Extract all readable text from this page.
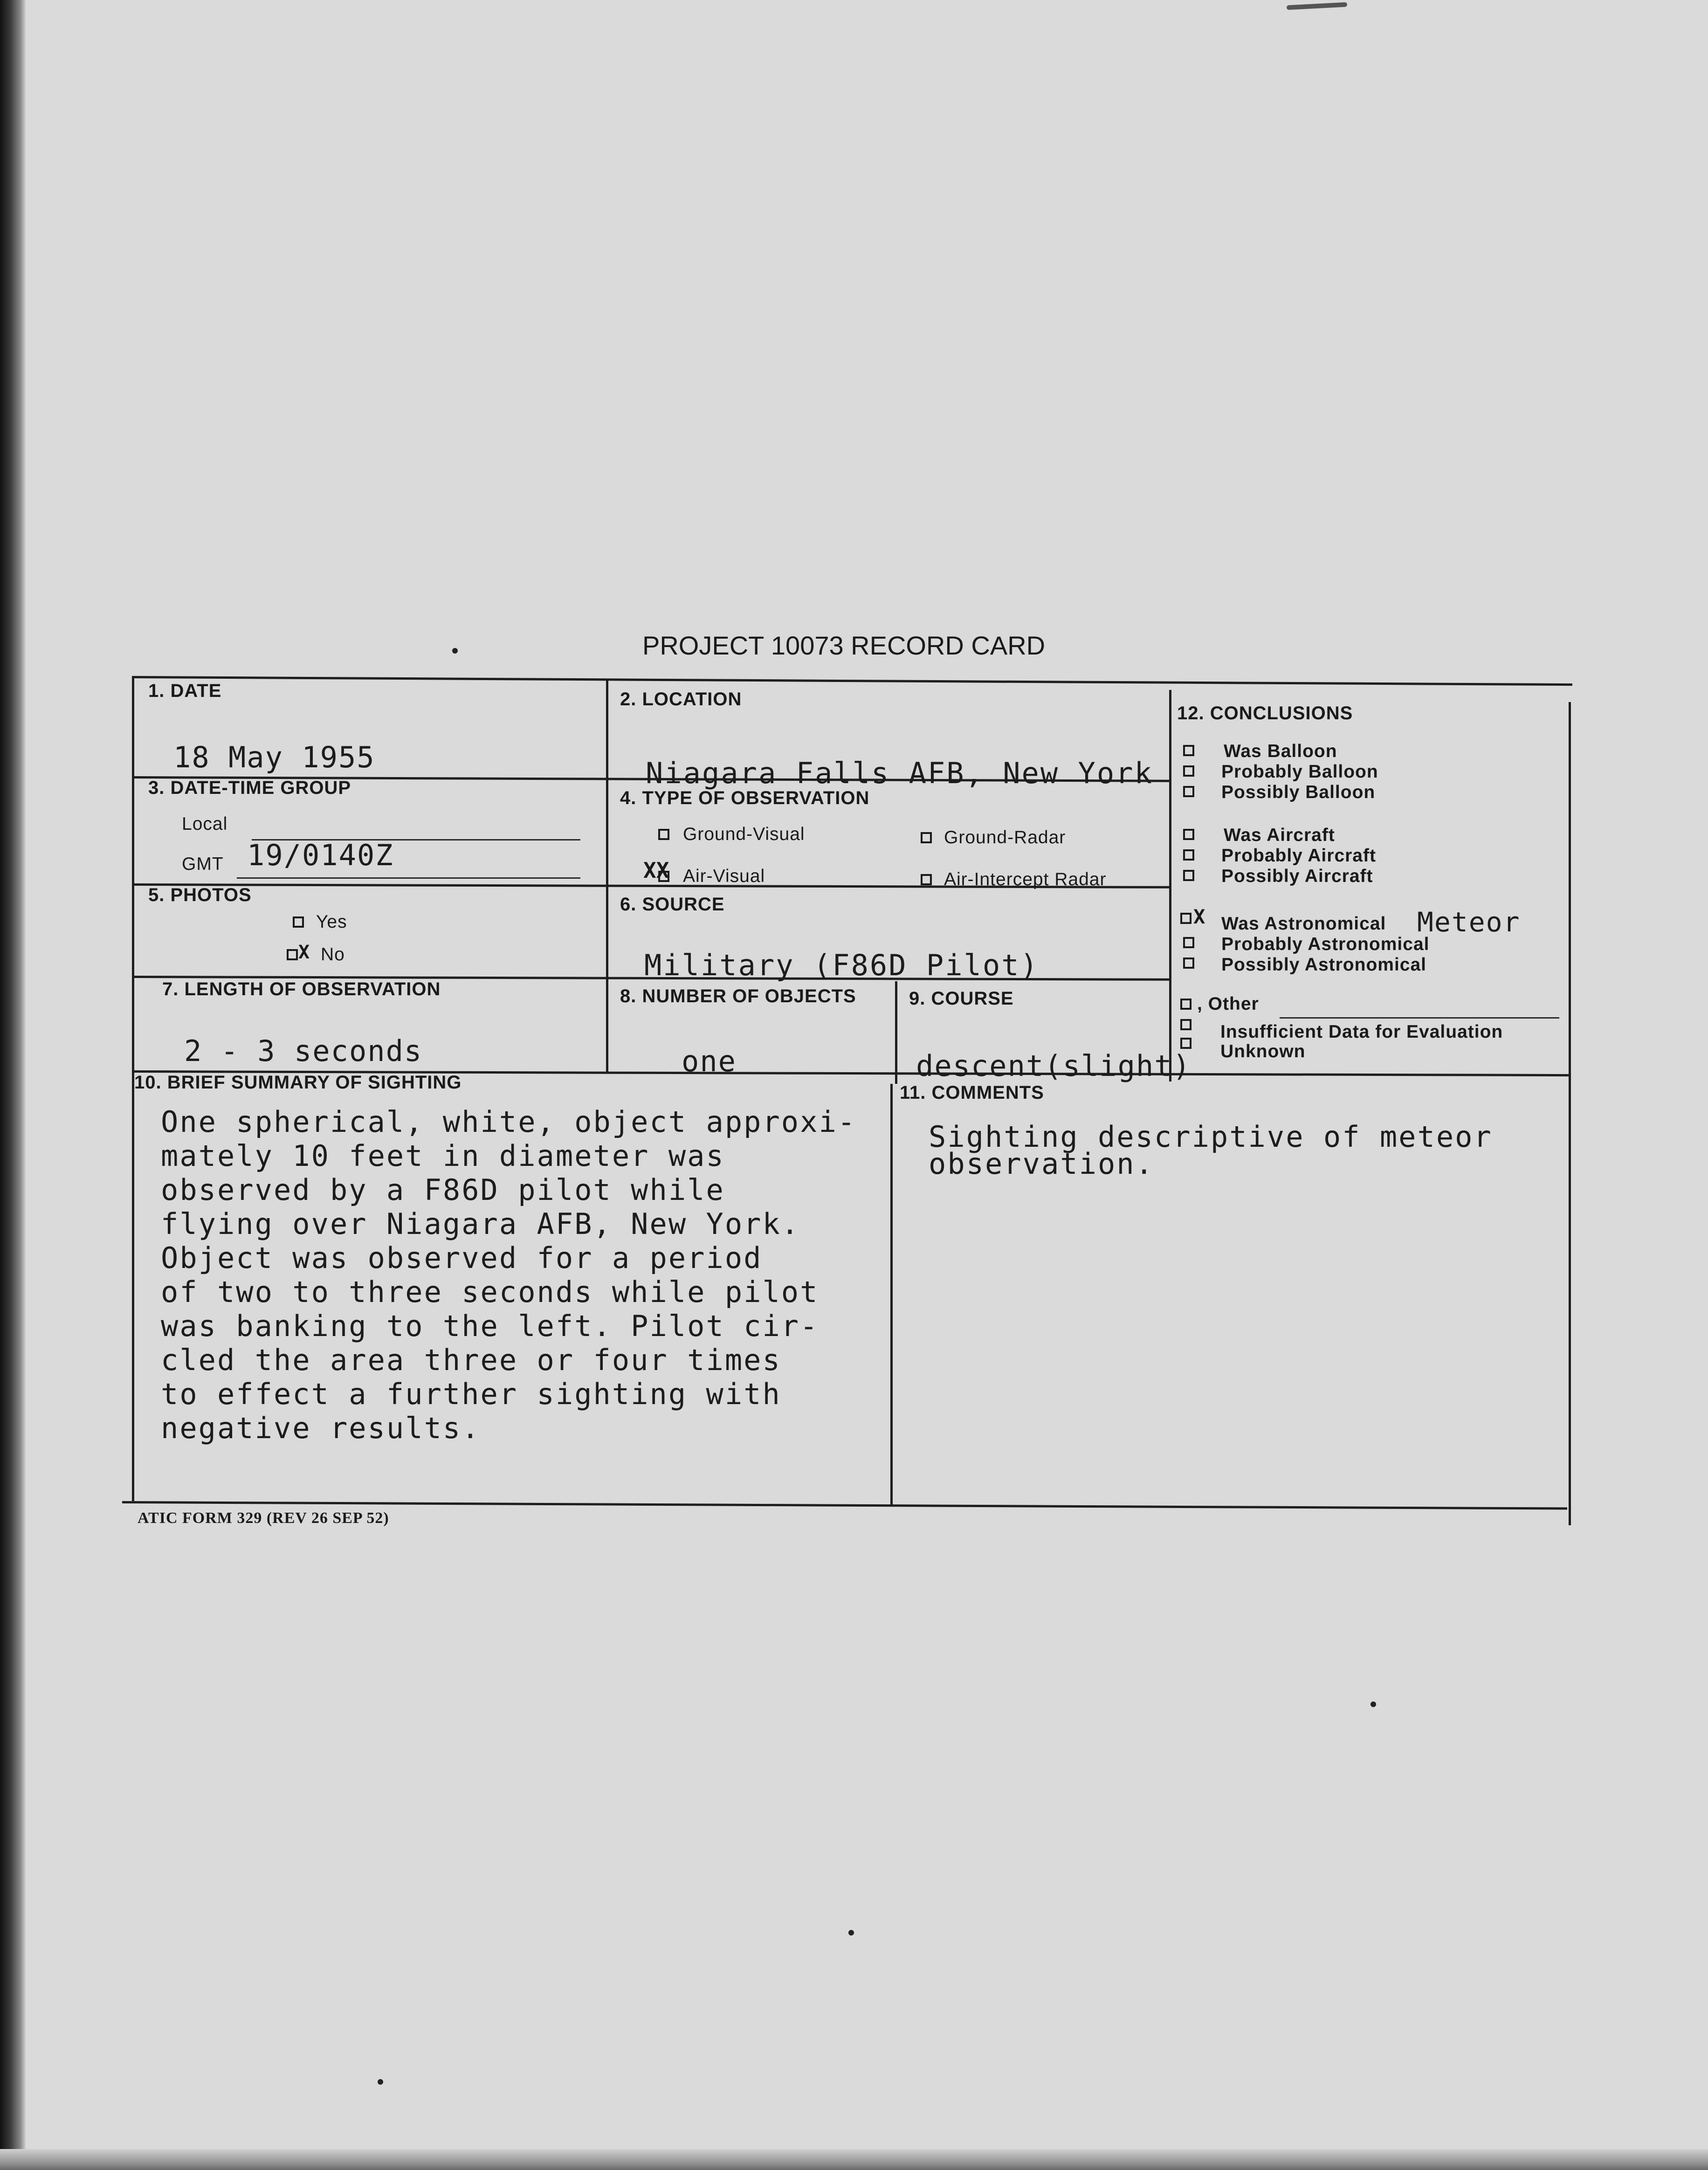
PROJECT 10073 RECORD CARD
1. DATE
18 May 1955
2. LOCATION
Niagara Falls AFB, New York
3. DATE-TIME GROUP
Local
GMT 19/0140Z
4. TYPE OF OBSERVATION
Ground-Visual	Ground-Radar
XX Air-Visual	Air-Intercept Radar
5. PHOTOS
Yes
X No
6. SOURCE
Military (F86D Pilot)
7. LENGTH OF OBSERVATION
2 - 3 seconds
8. NUMBER OF OBJECTS
one
9. COURSE
descent(slight)
10. BRIEF SUMMARY OF SIGHTING
One spherical, white, object approxi-
mately 10 feet in diameter was
observed by a F86D pilot while
flying over Niagara AFB, New York.
Object was observed for a period
of two to three seconds while pilot
was banking to the left. Pilot cir-
cled the area three or four times
to effect a further sighting with
negative results.
11. COMMENTS
Sighting descriptive of meteor
observation.
12. CONCLUSIONS
Was Balloon
Probably Balloon
Possibly Balloon
Was Aircraft
Probably Aircraft
Possibly Aircraft
X Was Astronomical Meteor
Probably Astronomical
Possibly Astronomical
, Other
Insufficient Data for Evaluation
Unknown
ATIC FORM 329 (REV 26 SEP 52)
